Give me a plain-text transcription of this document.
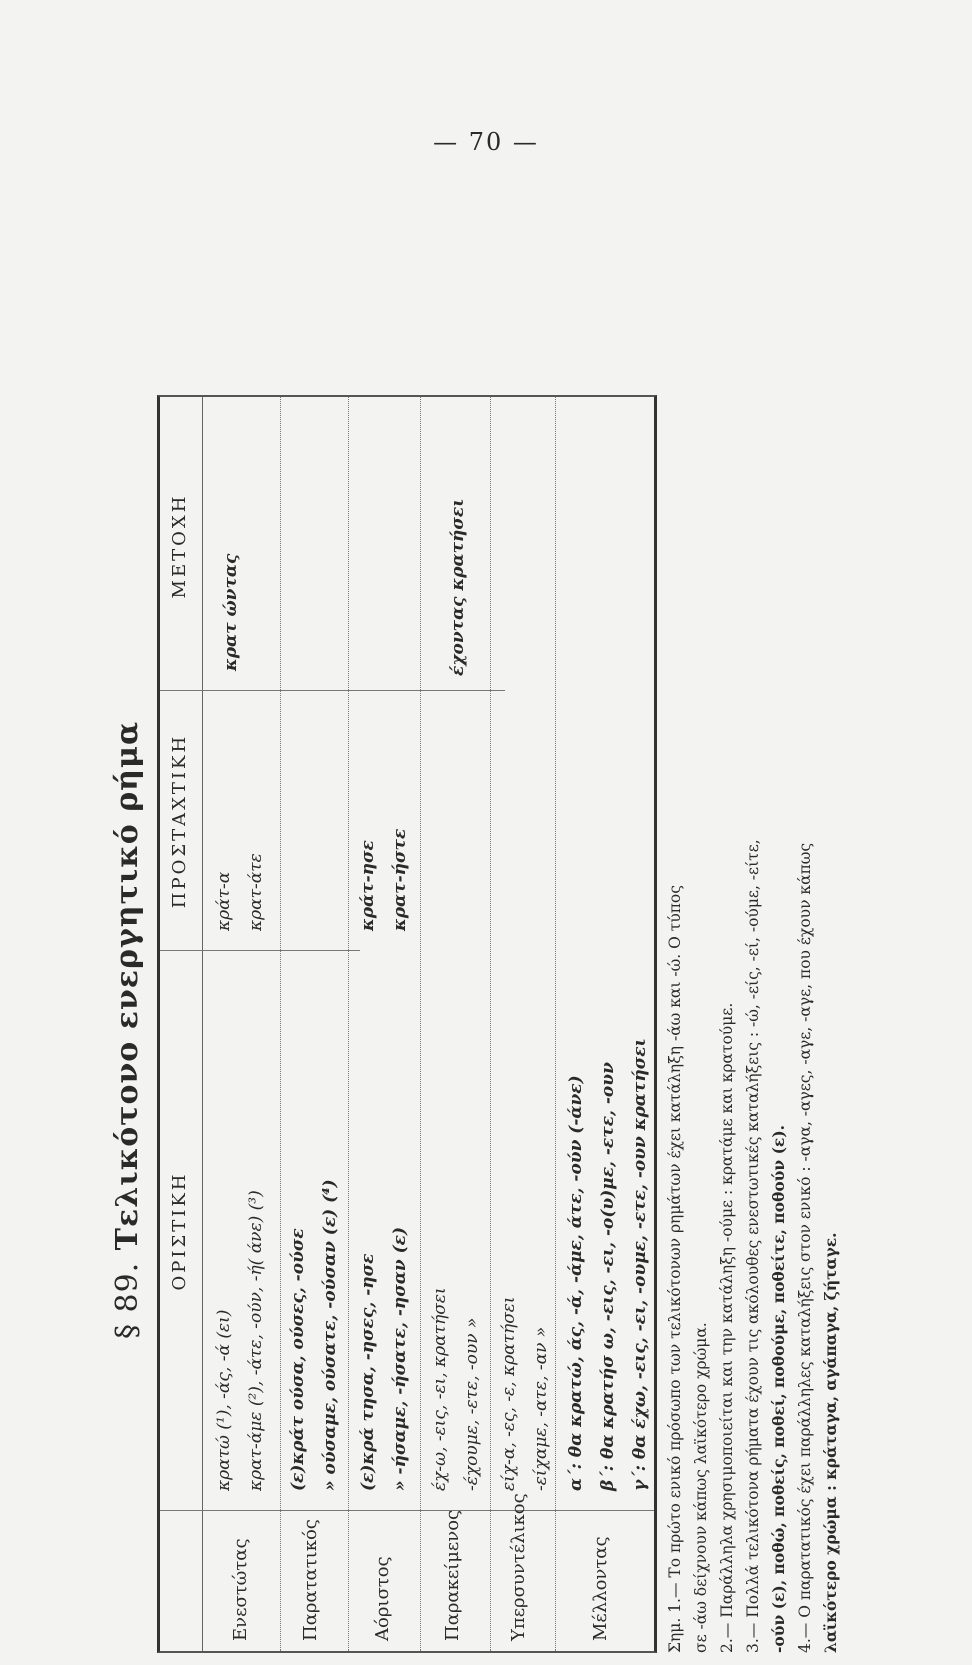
— 70 —
§ 89. Τελικότονο ενεργητικό ρήμα	ΟΡΙΣΤΙΚΗ
ΠΡΟΣΤΑΧΤΙΚΗ
ΜΕΤΟΧΗ
Ενεστώτας
κρατώ (¹), -άς, -ά (ει) κρατ-άμε (²), -άτε, -ούν, -ή( άνε) (³)
κράτ-α κρατ-άτε
κρατ ώντας
Παρατατικός
(ε)κράτ ούσα, ούσες, -ούσε » ούσαμε, ούσατε, -ούσαν (ε) (⁴)
Αόριστος
(ε)κρά τησα, -ησες, -ησε » -ήσαμε, -ήσατε, -ησαν (ε)
κράτ-ησε κρατ-ήστε
Παρακείμενος
έχ-ω, -εις, -ει, κρατήσει -έχουμε, -ετε, -ουν »
έχοντας κρατήσει
Υπερσυντέλικος
είχ-α, -ες, -ε, κρατήσει -είχαμε, -ατε, -αν »
Μέλλοντας
α΄: θα κρατώ, άς, -ά, -άμε, άτε, -ούν (-άνε) β΄: θα κρατήσ ω, -εις, -ει, -ο(υ)με, -ετε, -ουν γ΄: θα έχω, -εις, -ει, -ουμε, -ετε, -ουν κρατήσει	Σημ. 1.— Το πρώτο ενικό πρόσωπο των τελικότονων ρημάτων έχει κατάληξη -άω και -ώ. Ο τύπος σε -άω δείχνουν κάπως λαϊκότερο χρώμα. 2.— Παράλληλα χρησιμοποιείται και την κατάληξη -ούμε : κρατάμε και κρατούμε. 3.— Πολλά τελικότονα ρήματα έχουν τις ακόλουθες ενεστωτικές καταλήξεις : -ώ, -είς, -εί, -ούμε, -είτε, -ούν (ε), ποθώ, ποθείς, ποθεί, ποθούμε, ποθείτε, ποθούν (ε). 4.— Ο παρατατικός έχει παράλληλες καταλήξεις στον ενικό : -αγα, -αγες, -αγε, -αγε, που έχουν κάπως λαϊκότερο χρώμα : κράταγα, αγάπαγα, ζήταγε.
